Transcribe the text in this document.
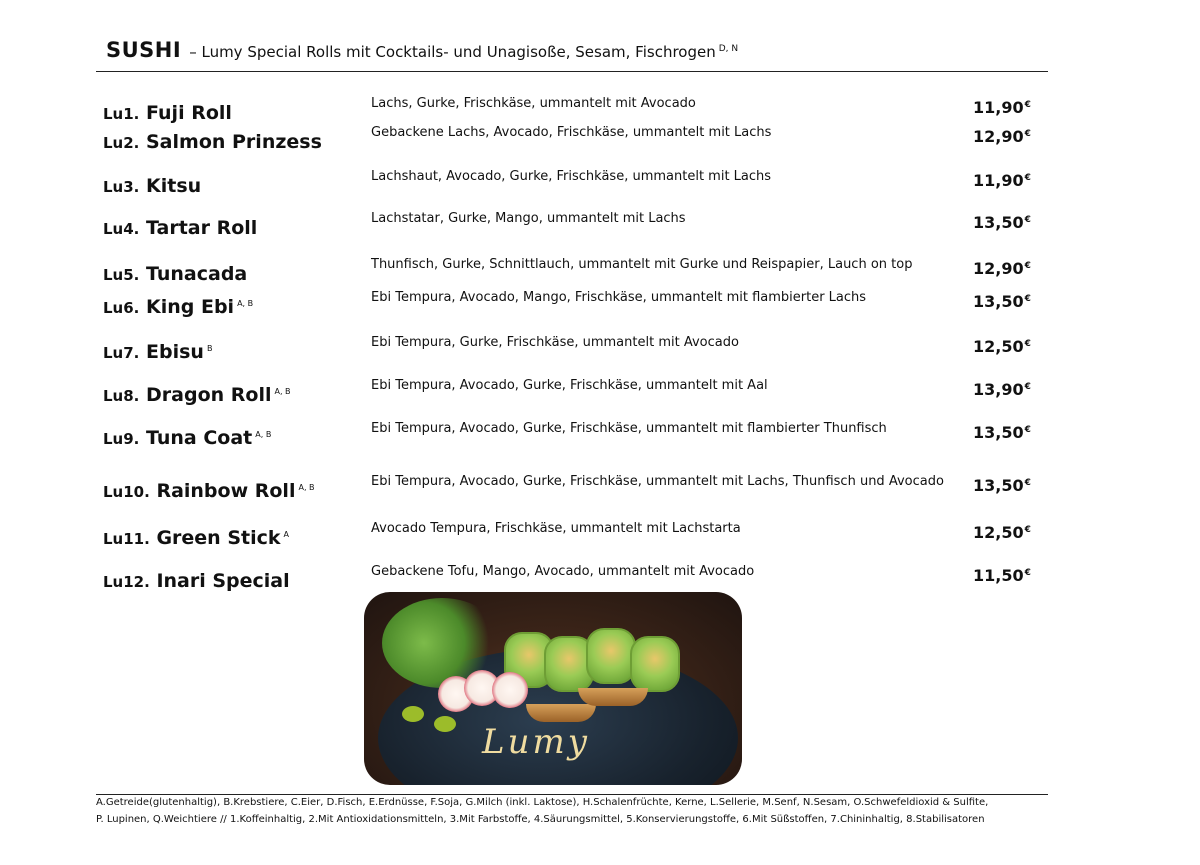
SUSHI – Lumy Special Rolls mit Cocktails- und Unagisoße, Sesam, Fischrogen $^{D, N}$
Lu1. Fuji Roll	Lachs, Gurke, Frischkäse, ummantelt mit Avocado	11,90€
Lu2. Salmon Prinzess	Gebackene Lachs, Avocado, Frischkäse, ummantelt mit Lachs	12,90€
Lu3. Kitsu	Lachshaut, Avocado, Gurke, Frischkäse, ummantelt mit Lachs	11,90€
Lu4. Tartar Roll	Lachstatar, Gurke, Mango, ummantelt mit Lachs	13,50€
Lu5. Tunacada	Thunfisch, Gurke, Schnittlauch, ummantelt mit Gurke und Reispapier, Lauch on top	12,90€
Lu6. King Ebi $^{A, B}$	Ebi Tempura, Avocado, Mango, Frischkäse, ummantelt mit flambierter Lachs	13,50€
Lu7. Ebisu $^B$	Ebi Tempura, Gurke, Frischkäse, ummantelt mit Avocado	12,50€
Lu8. Dragon Roll $^{A, B}$	Ebi Tempura, Avocado, Gurke, Frischkäse, ummantelt mit Aal	13,90€
Lu9. Tuna Coat $^{A, B}$	Ebi Tempura, Avocado, Gurke, Frischkäse, ummantelt mit flambierter Thunfisch	13,50€
Lu10. Rainbow Roll $^{A, B}$	Ebi Tempura, Avocado, Gurke, Frischkäse, ummantelt mit Lachs, Thunfisch und Avocado 13,50€
Lu11. Green Stick $^A$	Avocado Tempura, Frischkäse, ummantelt mit Lachstarta	12,50€
Lu12. Inari Special	Gebackene Tofu, Mango, Avocado, ummantelt mit Avocado	11,50€
Lumy
A.Getreide(glutenhaltig), B.Krebstiere, C.Eier, D.Fisch, E.Erdnüsse, F.Soja, G.Milch (inkl. Laktose), H.Schalenfrüchte, Kerne, L.Sellerie, M.Senf, N.Sesam, O.Schwefeldioxid & Sulfite,
P. Lupinen, Q.Weichtiere // 1.Koffeinhaltig, 2.Mit Antioxidationsmitteln, 3.Mit Farbstoffe, 4.Säurungsmittel, 5.Konservierungstoffe, 6.Mit Süßstoffen, 7.Chininhaltig, 8.Stabilisatoren
